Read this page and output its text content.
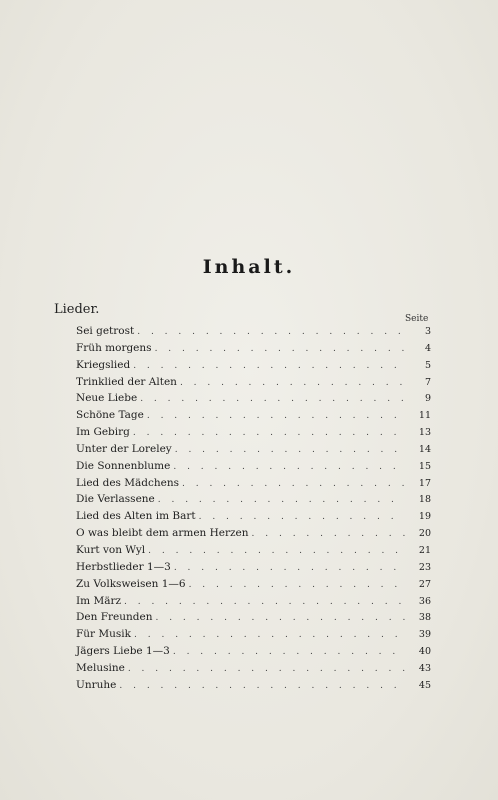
Inhalt.
Lieder.
Seite
Sei getrost . . .	3
Früh morgens . . .	4
Kriegslied . . .	5
Trinklied der Alten . . .	7
Neue Liebe . . .	9
Schöne Tage . . .	11
Im Gebirg . . .	13
Unter der Loreley . . .	14
Die Sonnenblume . . .	15
Lied des Mädchens . . .	17
Die Verlassene . . .	18
Lied des Alten im Bart . . .	19
O was bleibt dem armen Herzen . . .	20
Kurt von Wyl . . .	21
Herbstlieder 1—3 . . .	23
Zu Volksweisen 1—6 . . .	27
Im März . . .	36
Den Freunden . . .	38
Für Musik . . .	39
Jägers Liebe 1—3 . . .	40
Melusine . . .	43
Unruhe . . .	45
